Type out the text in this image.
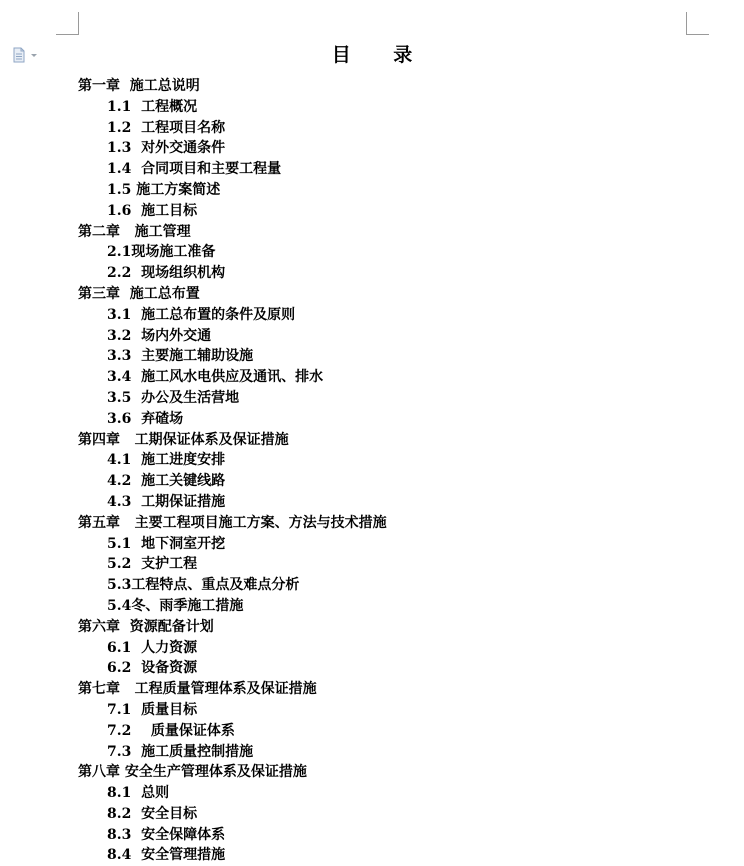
目 录
第一章  施工总说明
1.1  工程概况
1.2  工程项目名称
1.3  对外交通条件
1.4  合同项目和主要工程量
1.5 施工方案简述
1.6  施工目标
第二章   施工管理
2.1现场施工准备
2.2  现场组织机构
第三章  施工总布置
3.1  施工总布置的条件及原则
3.2  场内外交通
3.3  主要施工辅助设施
3.4  施工风水电供应及通讯、排水
3.5  办公及生活营地
3.6  弃碴场
第四章   工期保证体系及保证措施
4.1  施工进度安排
4.2  施工关键线路
4.3  工期保证措施
第五章   主要工程项目施工方案、方法与技术措施
5.1  地下洞室开挖
5.2  支护工程
5.3工程特点、重点及难点分析
5.4冬、雨季施工措施
第六章  资源配备计划
6.1  人力资源
6.2  设备资源
第七章   工程质量管理体系及保证措施
7.1  质量目标
7.2    质量保证体系
7.3  施工质量控制措施
第八章 安全生产管理体系及保证措施
8.1  总则
8.2  安全目标
8.3  安全保障体系
8.4  安全管理措施
